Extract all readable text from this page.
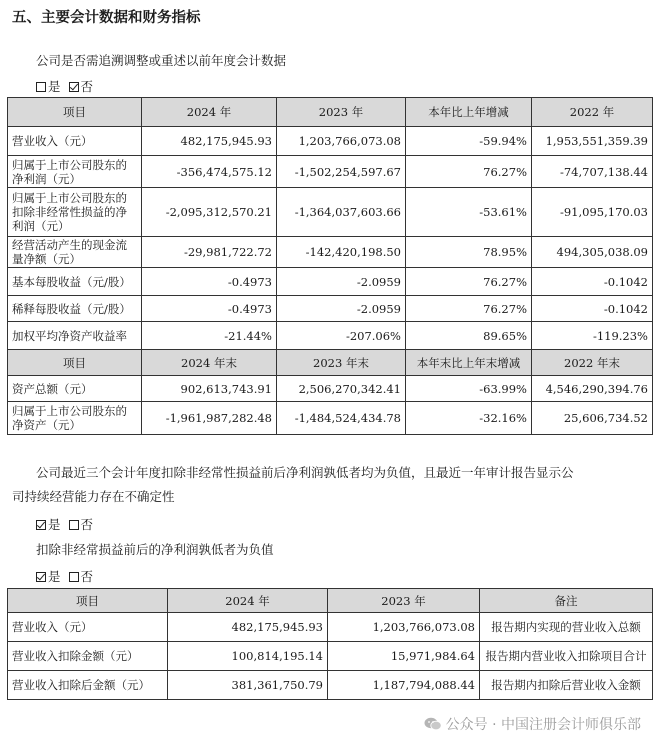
五、主要会计数据和财务指标
公司是否需追溯调整或重述以前年度会计数据
是 否
项目	2024 年	2023 年	本年比上年增减	2022 年
营业收入（元）	482,175,945.93	1,203,766,073.08	-59.94%	1,953,551,359.39
归属于上市公司股东的净利润（元）	-356,474,575.12	-1,502,254,597.67	76.27%	-74,707,138.44
归属于上市公司股东的扣除非经常性损益的净利润（元）	-2,095,312,570.21	-1,364,037,603.66	-53.61%	-91,095,170.03
经营活动产生的现金流量净额（元）	-29,981,722.72	-142,420,198.50	78.95%	494,305,038.09
基本每股收益（元/股）	-0.4973	-2.0959	76.27%	-0.1042
稀释每股收益（元/股）	-0.4973	-2.0959	76.27%	-0.1042
加权平均净资产收益率	-21.44%	-207.06%	89.65%	-119.23%
项目	2024 年末	2023 年末	本年末比上年末增减	2022 年末
资产总额（元）	902,613,743.91	2,506,270,342.41	-63.99%	4,546,290,394.76
归属于上市公司股东的净资产（元）	-1,961,987,282.48	-1,484,524,434.78	-32.16%	25,606,734.52
公司最近三个会计年度扣除非经常性损益前后净利润孰低者均为负值，且最近一年审计报告显示公
司持续经营能力存在不确定性
是 否
扣除非经常损益前后的净利润孰低者为负值
是 否
项目	2024 年	2023 年	备注
营业收入（元）	482,175,945.93	1,203,766,073.08	报告期内实现的营业收入总额
营业收入扣除金额（元）	100,814,195.14	15,971,984.64	报告期内营业收入扣除项目合计
营业收入扣除后金额（元）	381,361,750.79	1,187,794,088.44	报告期内扣除后营业收入金额
公众号 · 中国注册会计师俱乐部
